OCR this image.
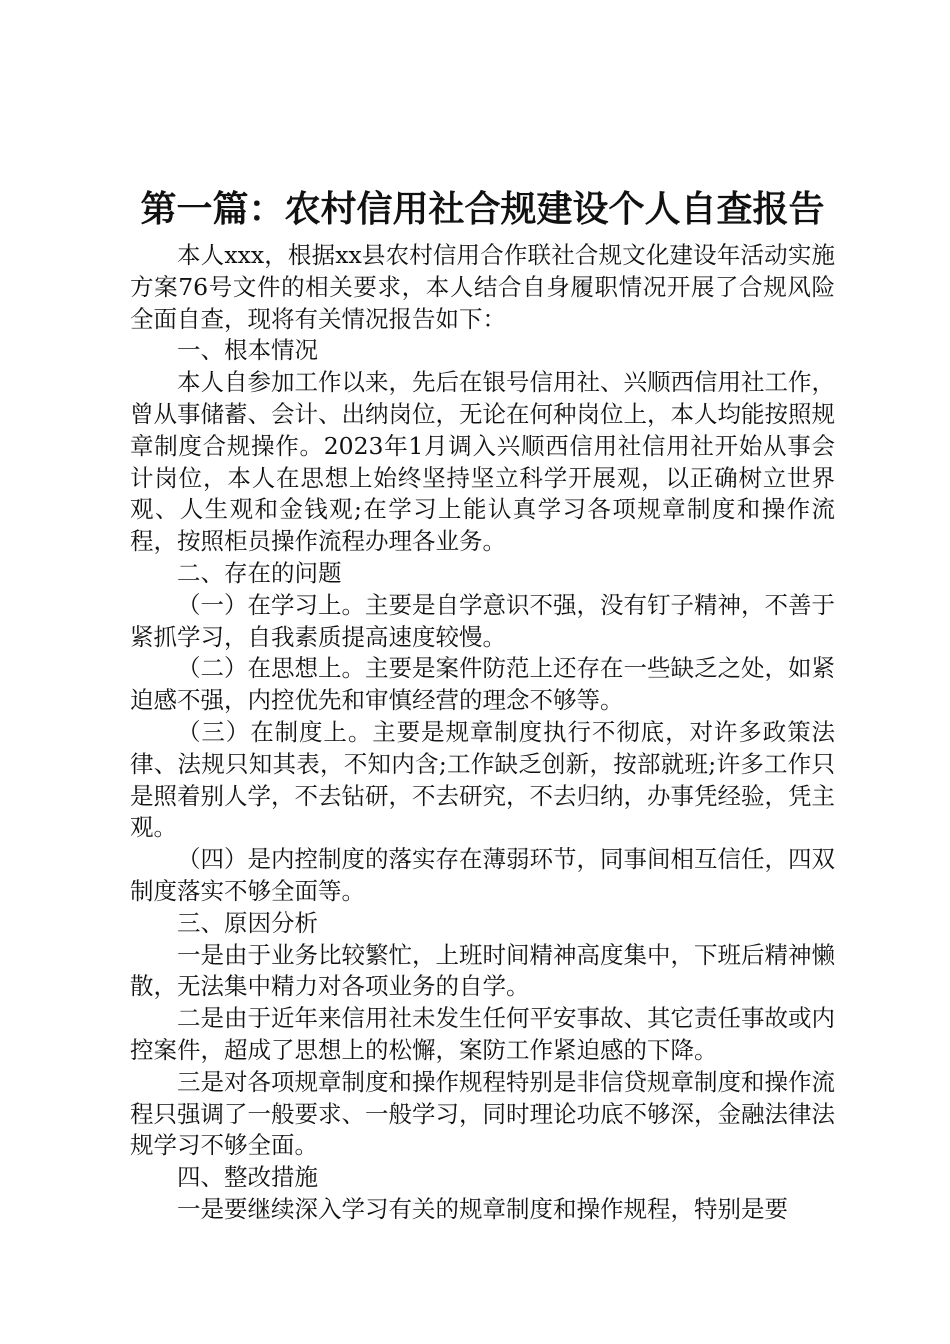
第一篇：农村信用社合规建设个人自查报告

本人xxx，根据xx县农村信用合作联社合规文化建设年活动实施方案76号文件的相关要求，本人结合自身履职情况开展了合规风险全面自查，现将有关情况报告如下：

一、根本情况

本人自参加工作以来，先后在银号信用社、兴顺西信用社工作，曾从事储蓄、会计、出纳岗位，无论在何种岗位上，本人均能按照规章制度合规操作。2023年1月调入兴顺西信用社信用社开始从事会计岗位，本人在思想上始终坚持坚立科学开展观，以正确树立世界观、人生观和金钱观;在学习上能认真学习各项规章制度和操作流程，按照柜员操作流程办理各业务。

二、存在的问题

（一）在学习上。主要是自学意识不强，没有钉子精神，不善于紧抓学习，自我素质提高速度较慢。

（二）在思想上。主要是案件防范上还存在一些缺乏之处，如紧迫感不强，内控优先和审慎经营的理念不够等。

（三）在制度上。主要是规章制度执行不彻底，对许多政策法律、法规只知其表，不知内含;工作缺乏创新，按部就班;许多工作只是照着别人学，不去钻研，不去研究，不去归纳，办事凭经验，凭主观。

（四）是内控制度的落实存在薄弱环节，同事间相互信任，四双制度落实不够全面等。

三、原因分析

一是由于业务比较繁忙，上班时间精神高度集中，下班后精神懒散，无法集中精力对各项业务的自学。

二是由于近年来信用社未发生任何平安事故、其它责任事故或内控案件，超成了思想上的松懈，案防工作紧迫感的下降。

三是对各项规章制度和操作规程特别是非信贷规章制度和操作流程只强调了一般要求、一般学习，同时理论功底不够深，金融法律法规学习不够全面。

四、整改措施

一是要继续深入学习有关的规章制度和操作规程，特别是要
